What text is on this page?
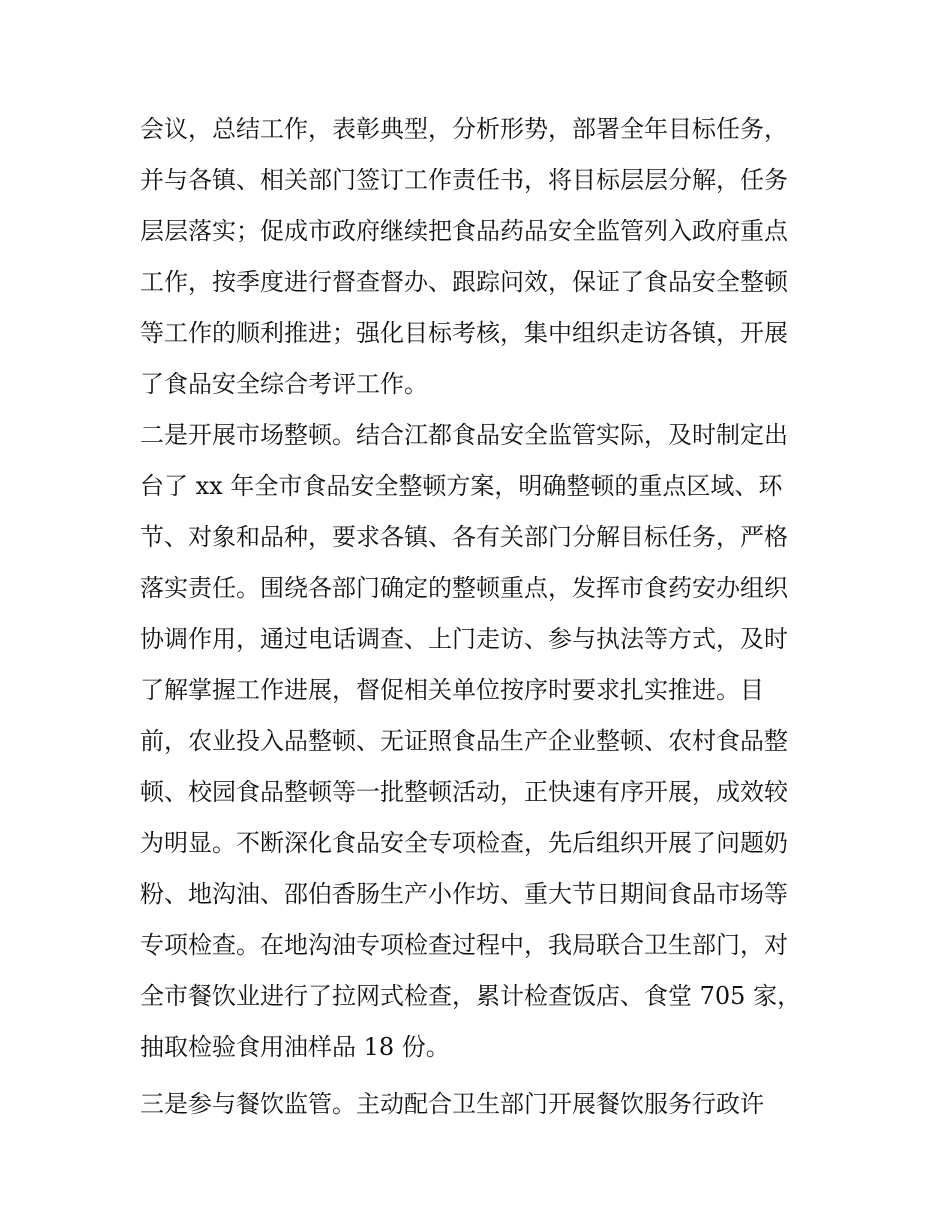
会议，总结工作，表彰典型，分析形势，部署全年目标任务，
并与各镇、相关部门签订工作责任书，将目标层层分解，任务
层层落实；促成市政府继续把食品药品安全监管列入政府重点
工作，按季度进行督查督办、跟踪问效，保证了食品安全整顿
等工作的顺利推进；强化目标考核，集中组织走访各镇，开展
了食品安全综合考评工作。
二是开展市场整顿。结合江都食品安全监管实际，及时制定出
台了 xx 年全市食品安全整顿方案，明确整顿的重点区域、环
节、对象和品种，要求各镇、各有关部门分解目标任务，严格
落实责任。围绕各部门确定的整顿重点，发挥市食药安办组织
协调作用，通过电话调查、上门走访、参与执法等方式，及时
了解掌握工作进展，督促相关单位按序时要求扎实推进。目
前，农业投入品整顿、无证照食品生产企业整顿、农村食品整
顿、校园食品整顿等一批整顿活动，正快速有序开展，成效较
为明显。不断深化食品安全专项检查，先后组织开展了问题奶
粉、地沟油、邵伯香肠生产小作坊、重大节日期间食品市场等
专项检查。在地沟油专项检查过程中，我局联合卫生部门，对
全市餐饮业进行了拉网式检查，累计检查饭店、食堂 705 家，
抽取检验食用油样品 18 份。
三是参与餐饮监管。主动配合卫生部门开展餐饮服务行政许
